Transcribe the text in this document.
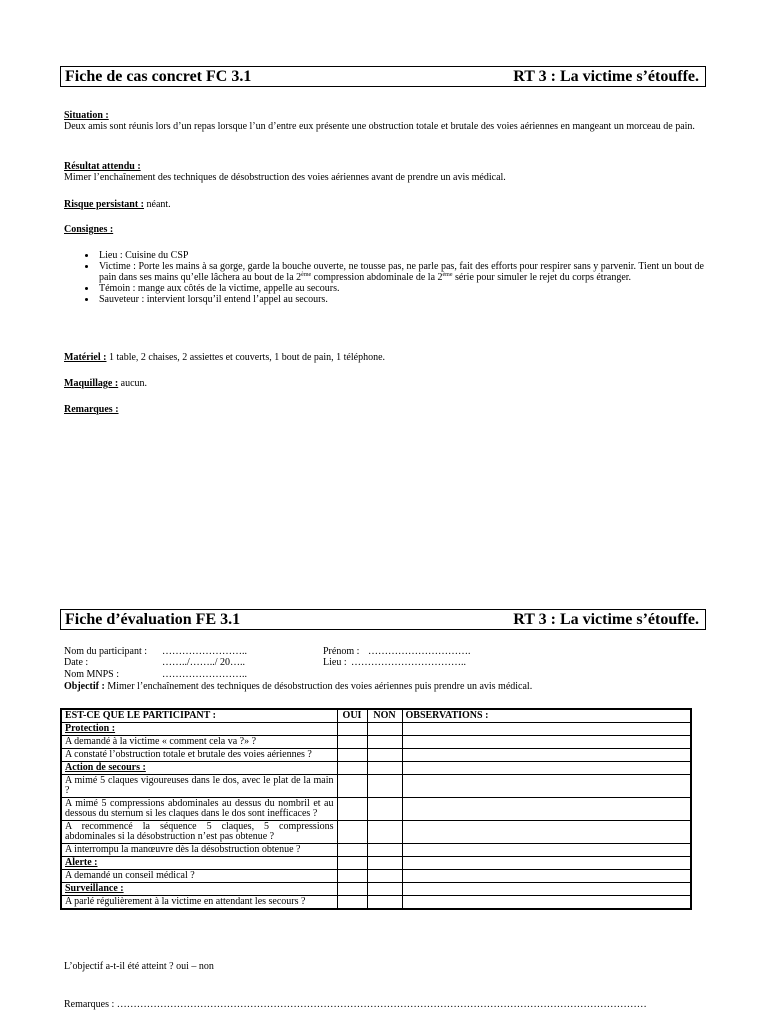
Fiche de cas concret FC 3.1	RT 3 : La victime s’étouffe.
Situation :
Deux amis sont réunis lors d’un repas lorsque l’un d’entre eux présente une obstruction totale et brutale des voies aériennes en mangeant un morceau de pain.
Résultat attendu :
Mimer l’enchaînement des techniques de désobstruction des voies aériennes avant de prendre un avis médical.
Risque persistant : néant.
Consignes :
• Lieu : Cuisine du CSP
• Victime : Porte les mains à sa gorge, garde la bouche ouverte, ne tousse pas, ne parle pas, fait des efforts pour respirer sans y parvenir. Tient un bout de pain dans ses mains qu’elle lâchera au bout de la 2ème compression abdominale de la 2ème série pour simuler le rejet du corps étranger.
• Témoin : mange aux côtés de la victime, appelle au secours.
• Sauveteur : intervient lorsqu’il entend l’appel au secours.
Matériel : 1 table, 2 chaises, 2 assiettes et couverts, 1 bout de pain, 1 téléphone.
Maquillage : aucun.
Remarques :
Fiche d’évaluation FE 3.1	RT 3 : La victime s’étouffe.
Nom du participant : ……………………..	Prénom : ………………………….
Date :	……../……../ 20…..	Lieu : ……………………………..
Nom MNPS :	……………………..
Objectif : Mimer l’enchaînement des techniques de désobstruction des voies aériennes puis prendre un avis médical.
EST-CE QUE LE PARTICIPANT :	OUI	NON	OBSERVATIONS :
Protection :			
A demandé à la victime « comment cela va ?» ?			
A constaté l’obstruction totale et brutale des voies aériennes ?			
Action de secours :			
A mimé 5 claques vigoureuses dans le dos, avec le plat de la main ?			
A mimé 5 compressions abdominales au dessus du nombril et au dessous du sternum si les claques dans le dos sont inefficaces ?			
A recommencé la séquence 5 claques, 5 compressions abdominales si la désobstruction n’est pas obtenue ?			
A interrompu la manœuvre dès la désobstruction obtenue ?			
Alerte :			
A demandé un conseil médical ?			
Surveillance :			
A parlé régulièrement à la victime en attendant les secours ?			
L’objectif a-t-il été atteint ? oui – non
Remarques : ……………………………………………………………………………………………………………………………………………
